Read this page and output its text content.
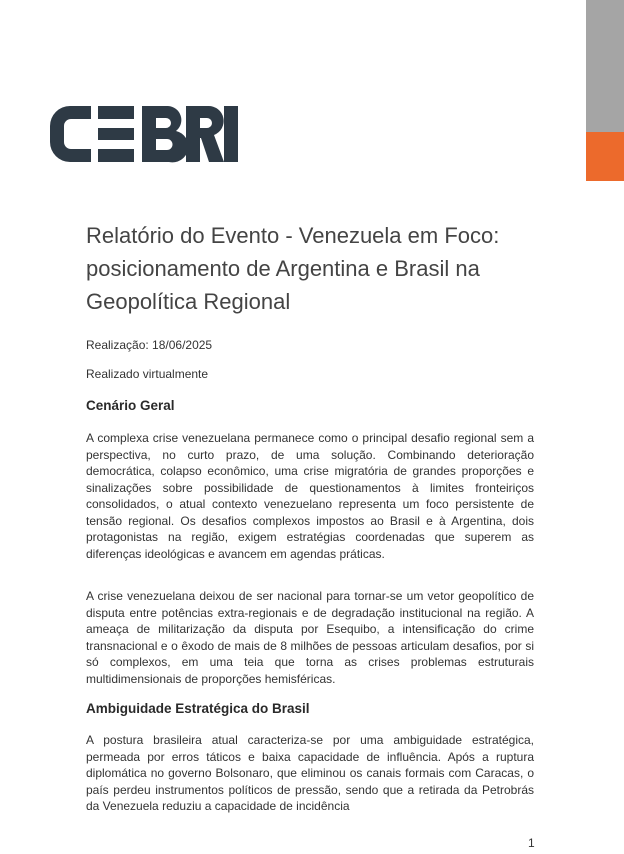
Relatório do Evento - Venezuela em Foco: posicionamento de Argentina e Brasil na Geopolítica Regional

Realização: 18/06/2025

Realizado virtualmente

Cenário Geral

A complexa crise venezuelana permanece como o principal desafio regional sem a perspectiva, no curto prazo, de uma solução. Combinando deterioração democrática, colapso econômico, uma crise migratória de grandes proporções e sinalizações sobre possibilidade de questionamentos à limites fronteiriços consolidados, o atual contexto venezuelano representa um foco persistente de tensão regional. Os desafios complexos impostos ao Brasil e à Argentina, dois protagonistas na região, exigem estratégias coordenadas que superem as diferenças ideológicas e avancem em agendas práticas.

A crise venezuelana deixou de ser nacional para tornar-se um vetor geopolítico de disputa entre potências extra-regionais e de degradação institucional na região. A ameaça de militarização da disputa por Esequibo, a intensificação do crime transnacional e o êxodo de mais de 8 milhões de pessoas articulam desafios, por si só complexos, em uma teia que torna as crises problemas estruturais multidimensionais de proporções hemisféricas.

Ambiguidade Estratégica do Brasil

A postura brasileira atual caracteriza-se por uma ambiguidade estratégica, permeada por erros táticos e baixa capacidade de influência. Após a ruptura diplomática no governo Bolsonaro, que eliminou os canais formais com Caracas, o país perdeu instrumentos políticos de pressão, sendo que a retirada da Petrobrás da Venezuela reduziu a capacidade de incidência

1
